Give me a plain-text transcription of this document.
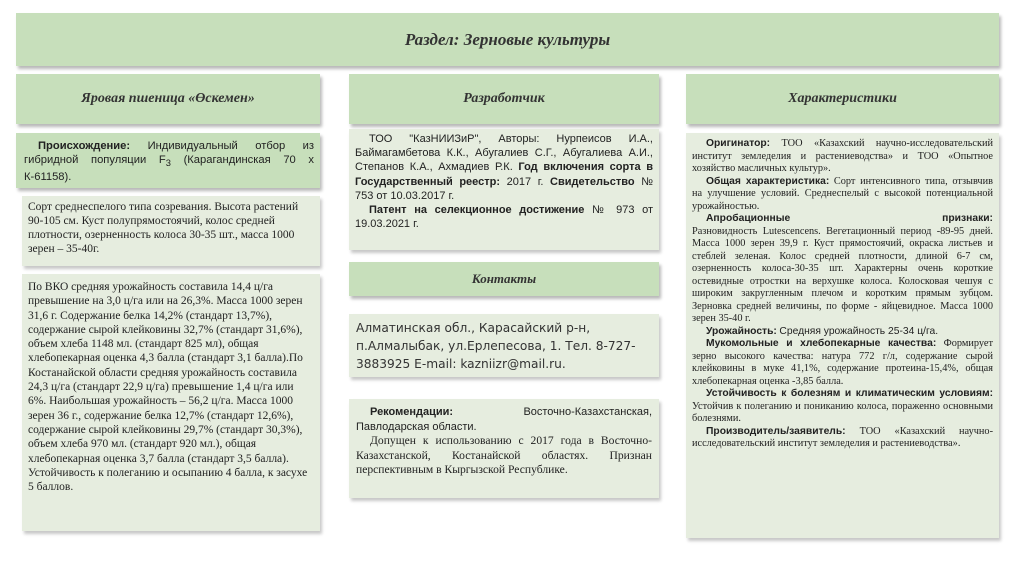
Раздел: Зерновые культуры
Яровая пшеница «Өскемен»

Происхождение: Индивидуальный отбор из гибридной популяции $F_3$ (Карагандинская 70 x К-61158).

Сорт среднеспелого типа созревания. Высота растений 90-105 см. Куст полупрямостоячий, колос средней плотности, озерненность колоса 30-35 шт., масса 1000 зерен – 35-40г.

По ВКО средняя урожайность составила 14,4 ц/га превышение на 3,0 ц/га или на 26,3%. Масса 1000 зерен 31,6 г. Содержание белка 14,2% (стандарт 13,7%), содержание сырой клейковины 32,7% (стандарт 31,6%), объем хлеба 1148 мл. (стандарт 825 мл), общая хлебопекарная оценка 4,3 балла (стандарт 3,1 балла).По Костанайской области средняя урожайность составила 24,3 ц/га (стандарт 22,9 ц/га) превышение 1,4 ц/га или 6%. Наибольшая урожайность – 56,2 ц/га. Масса 1000 зерен 36 г., содержание белка 12,7% (стандарт 12,6%), содержание сырой клейковины 29,7% (стандарт 30,3%), объем хлеба 970 мл. (стандарт 920 мл.), общая хлебопекарная оценка 3,7 балла (стандарт 3,5 балла). Устойчивость к полеганию и осыпанию 4 балла, к засухе 5 баллов.

Разработчик

ТОО "КазНИИЗиР", Авторы: Нурпеисов И.А., Баймагамбетова К.К., Абугалиев С.Г., Абугалиева А.И., Степанов К.А., Ахмадиев Р.К. Год включения сорта в Государственный реестр: 2017 г. Свидетельство № 753 от 10.03.2017 г.

Патент на селекционное достижение № 973 от 19.03.2021 г.

Контакты

Алматинская обл., Карасайский р-н, п.Алмалыбак, ул.Ерлепесова, 1. Тел. 8-727-3883925 E-mail: kazniizr@mail.ru.

Рекомендации:	Восточно-Казахстанская, Павлодарская области.

Допущен к использованию с 2017 года в Восточно-Казахстанской, Костанайской областях. Признан перспективным в Кыргызской Республике.

Характеристики

Оригинатор: ТОО «Казахский научно-исследовательский институт земледелия и растениеводства» и ТОО «Опытное хозяйство масличных культур».

Общая характеристика: Сорт интенсивного типа, отзывчив на улучшение условий. Среднеспелый с высокой потенциальной урожайностью.

Апробационные	признаки:

Разновидность Lutescencens. Вегетационный период -89-95 дней. Масса 1000 зерен 39,9 г. Куст прямостоячий, окраска листьев и стеблей зеленая. Колос средней плотности, длиной 6-7 см, озерненность колоса-30-35 шт. Характерны очень короткие остевидные отростки на верхушке колоса. Колосковая чешуя с широким закругленным плечом и коротким прямым зубцом. Зерновка средней величины, по форме - яйцевидное. Масса 1000 зерен 35-40 г.

Урожайность: Средняя урожайность 25-34 ц/га.

Мукомольные и хлебопекарные качества: Формирует зерно высокого качества: натура 772 г/л, содержание сырой клейковины в муке 41,1%, содержание протеина-15,4%, общая хлебопекарная оценка -3,85 балла.

Устойчивость к болезням и климатическим условиям: Устойчив к полеганию и пониканию колоса, пораженно основными болезнями.

Производитель/заявитель: ТОО «Казахский научно-исследовательский институт земледелия и растениеводства».
